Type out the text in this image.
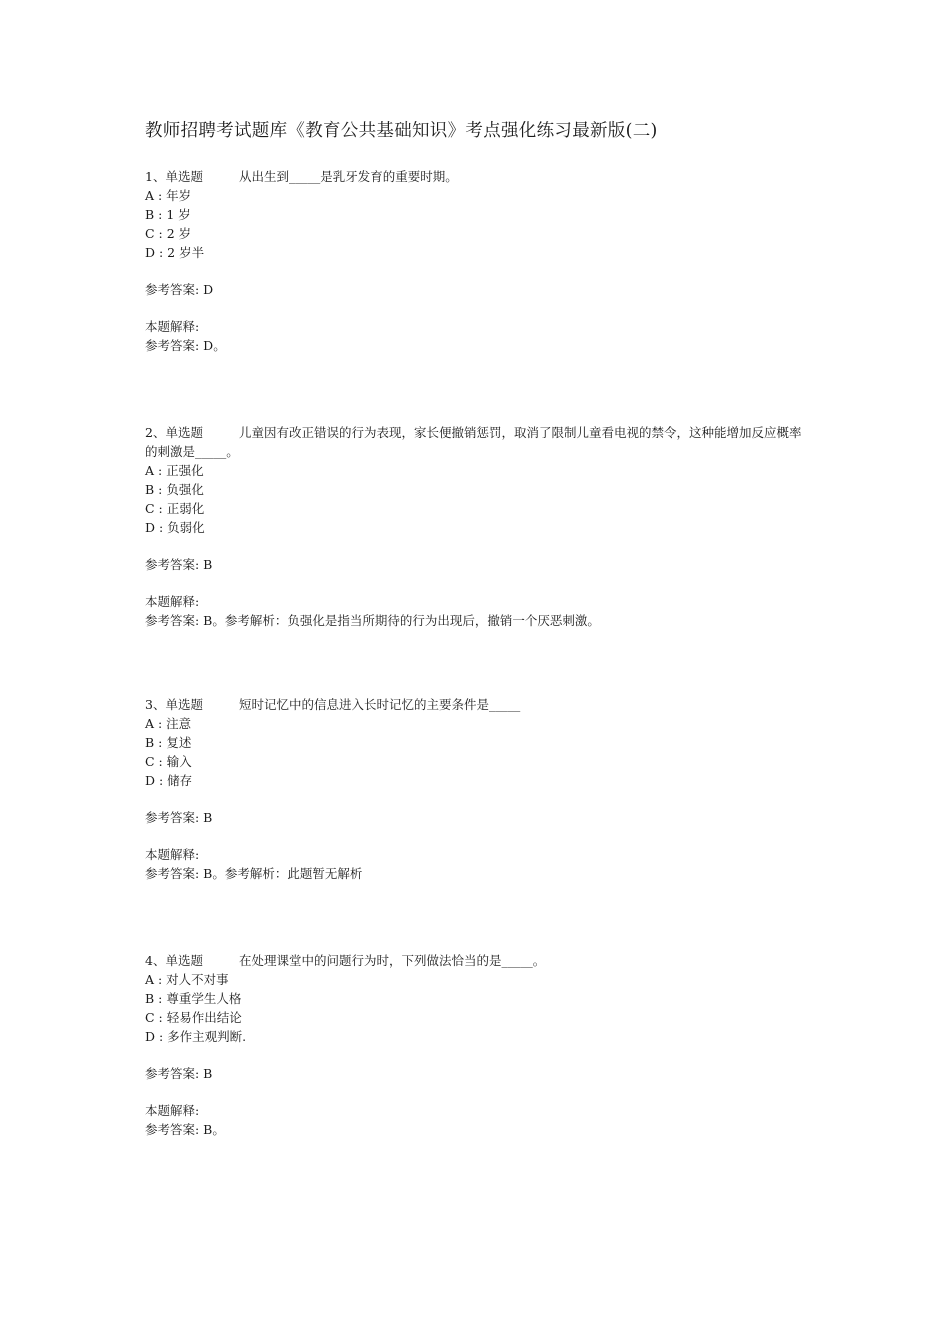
教师招聘考试题库《教育公共基础知识》考点强化练习最新版(二)

1、单选题	从出生到_____是乳牙发育的重要时期。

A : 年岁
B : 1 岁
C : 2 岁
D : 2 岁半

参考答案: D

本题解释:

参考答案: D。

2、单选题	儿童因有改正错误的行为表现，家长便撤销惩罚，取消了限制儿童看电视的禁令，这种能增加反应概率的刺激是_____。

A : 正强化
B : 负强化
C : 正弱化
D : 负弱化

参考答案: B

本题解释:

参考答案: B。参考解析：负强化是指当所期待的行为出现后，撤销一个厌恶刺激。

3、单选题	短时记忆中的信息进入长时记忆的主要条件是_____

A : 注意
B : 复述
C : 输入
D : 储存

参考答案: B

本题解释:

参考答案: B。参考解析：此题暂无解析

4、单选题	在处理课堂中的问题行为时，下列做法恰当的是_____。

A : 对人不对事
B : 尊重学生人格
C : 轻易作出结论
D : 多作主观判断.

参考答案: B

本题解释:

参考答案: B。
